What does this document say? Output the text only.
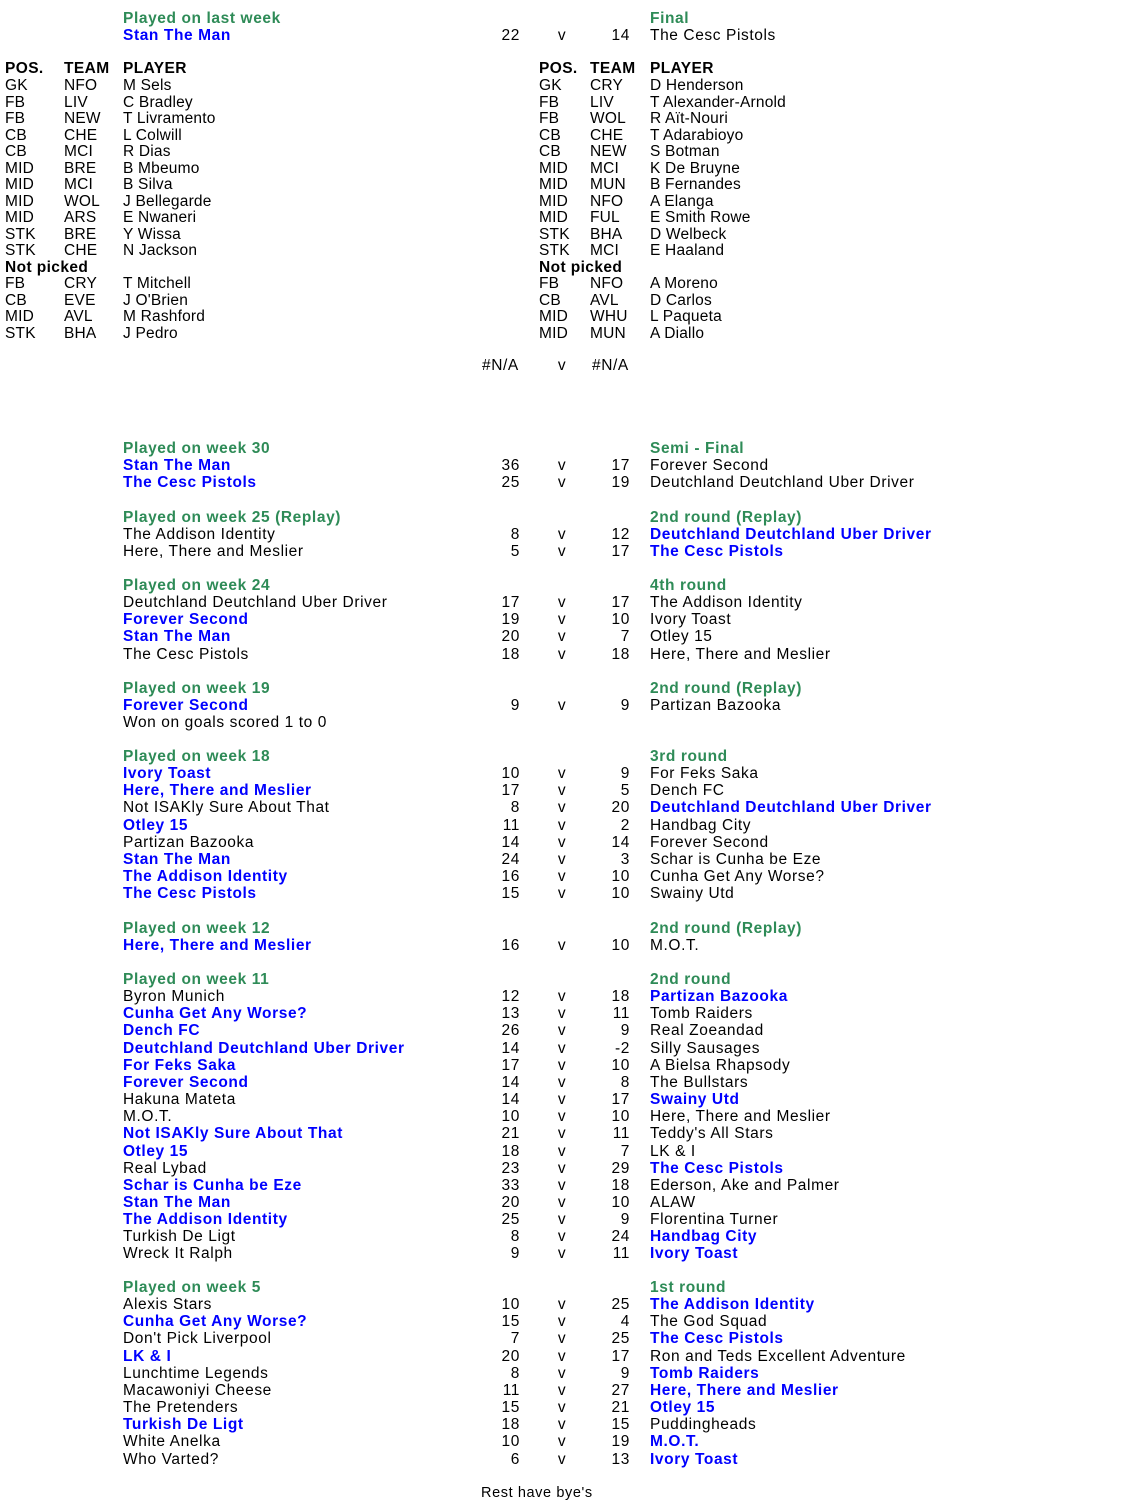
Played on last week	Final
Stan The Man	22	v	14 The Cesc Pistols
POS. TEAM PLAYER	POS. TEAM PLAYER
GK NFO M Sels
FB	LIV C Bradley
FB	NEW T Livramento
CB CHE L Colwill
CB MCI R Dias
MID BRE B Mbeumo
MID MCI B Silva
MID WOL J Bellegarde
MID ARS E Nwaneri
STK BRE Y Wissa
STK CHE N Jackson
Not picked
FB	CRY T Mitchell
CB EVE J O'Brien
MID AVL M Rashford
STK BHA J Pedro
GK CRY D Henderson
FB LIV T Alexander-Arnold
FB WOL R Aït-Nouri
CB CHE T Adarabioyo
CB NEW S Botman
MID MCI K De Bruyne
MID MUN B Fernandes
MID NFO A Elanga
MID FUL E Smith Rowe
STK BHA D Welbeck
STK MCI E Haaland
Not picked
FB NFO A Moreno
CB AVL D Carlos
MID WHU L Paqueta
MID MUN A Diallo
#N/A	v	#N/A
Played on week 30	Semi - Final
Stan The Man	36	v	17 Forever Second
The Cesc Pistols	25	v	19 Deutchland Deutchland Uber Driver
Played on week 25 (Replay)	2nd round (Replay)
The Addison Identity	8	v	12 Deutchland Deutchland Uber Driver
Here, There and Meslier	5	v	17 The Cesc Pistols
Played on week 24	4th round
Deutchland Deutchland Uber Driver	17	v	17 The Addison Identity
Forever Second	19	v	10 Ivory Toast
Stan The Man	20	v	7 Otley 15
The Cesc Pistols	18	v	18 Here, There and Meslier
Played on week 19	2nd round (Replay)
Forever Second	9	v	9 Partizan Bazooka
Won on goals scored 1 to 0
Played on week 18	3rd round
Ivory Toast	10	v	9 For Feks Saka
Here, There and Meslier	17	v	5 Dench FC
Not ISAKly Sure About That	8	v	20 Deutchland Deutchland Uber Driver
Otley 15	11	v	2 Handbag City
Partizan Bazooka	14	v	14 Forever Second
Stan The Man	24	v	3 Schar is Cunha be Eze
The Addison Identity	16	v	10 Cunha Get Any Worse?
The Cesc Pistols	15	v	10 Swainy Utd
Played on week 12	2nd round (Replay)
Here, There and Meslier	16	v	10 M.O.T.
Played on week 11	2nd round
Byron Munich	12	v	18 Partizan Bazooka
Cunha Get Any Worse?	13	v	11 Tomb Raiders
Dench FC	26	v	9 Real Zoeandad
Deutchland Deutchland Uber Driver	14	v	-2 Silly Sausages
For Feks Saka	17	v	10 A Bielsa Rhapsody
Forever Second	14	v	8 The Bullstars
Hakuna Mateta	14	v	17 Swainy Utd
M.O.T.	10	v	10 Here, There and Meslier
Not ISAKly Sure About That	21	v	11 Teddy's All Stars
Otley 15	18	v	7 LK & I
Real Lybad	23	v	29 The Cesc Pistols
Schar is Cunha be Eze	33	v	18 Ederson, Ake and Palmer
Stan The Man	20	v	10 ALAW
The Addison Identity	25	v	9 Florentina Turner
Turkish De Ligt	8	v	24 Handbag City
Wreck It Ralph	9	v	11 Ivory Toast
Played on week 5	1st round
Alexis Stars	10	v	25 The Addison Identity
Cunha Get Any Worse?	15	v	4 The God Squad
Don't Pick Liverpool	7	v	25 The Cesc Pistols
LK & I	20	v	17 Ron and Teds Excellent Adventure
Lunchtime Legends	8	v	9 Tomb Raiders
Macawoniyi Cheese	11	v	27 Here, There and Meslier
The Pretenders	15	v	21 Otley 15
Turkish De Ligt	18	v	15 Puddingheads
White Anelka	10	v	19 M.O.T.
Who Varted?	6	v	13 Ivory Toast
Rest have bye's
